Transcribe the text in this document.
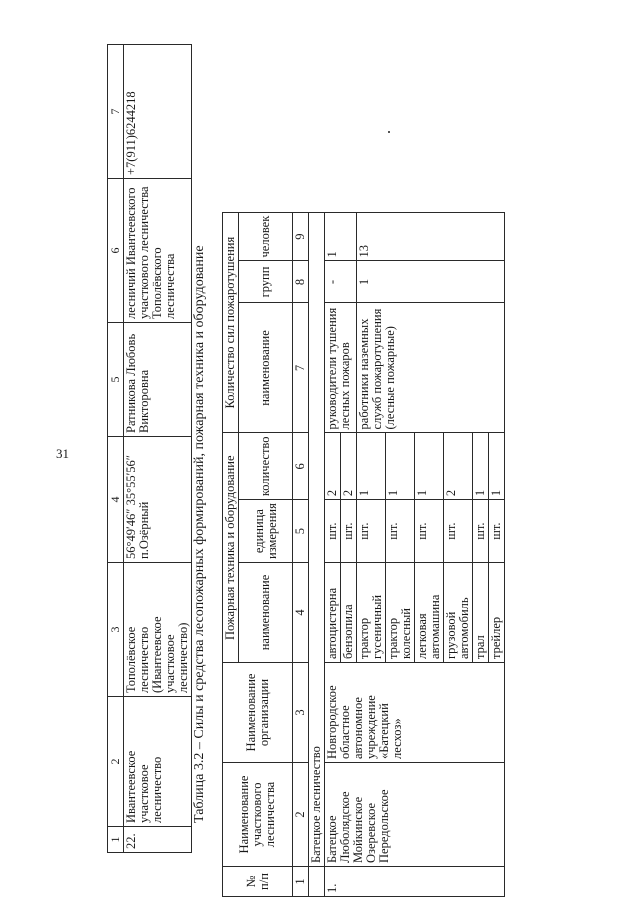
31
1	2	3	4	5	6	7
22.	Ивантеевское участковое лесничество	Тополёвское лесничество (Ивантеевское участковое лесничество)	56°49′46″ 35°55′56″ п.Озёрный	Ратникова Любовь Викторовна	лесничий Ивантеевского участкового лесничества Тополёвского лесничества	+7(911)6244218
Таблица 3.2 – Силы и средства лесопожарных формирований, пожарная техника и оборудование
№ п/п	Наименование участкового лесничества	Наименование организации	Пожарная техника и оборудование			Количество сил пожаротушения		
			наименование	единица измерения	количество	наименование	групп	человек
1	2	3	4	5	6	7	8	9
	Батецкое лесничество							
1.	Батецкое Люболядское Мойкинское Озеревское Передольское	Новгородское областное автономное учреждение «Батецкий лесхоз»	автоцистерна	шт.	2	руководители тушения лесных пожаров	-	1
			бензопила	шт.	2			
			трактор гусеничный	шт.	1	работники наземных служб пожаротушения (лесные пожарные)	1	13
			трактор колесный	шт.	1			
			легковая автомашина	шт.	1			
			грузовой автомобиль	шт.	2			
			трал	шт.	1			
			трейлер	шт.	1			
